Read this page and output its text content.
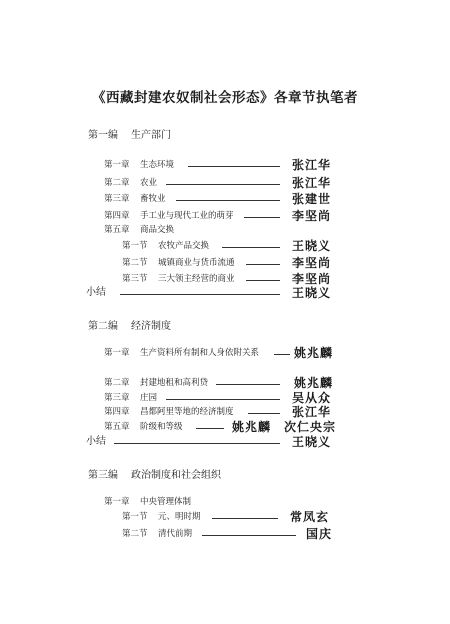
《西藏封建农奴制社会形态》各章节执笔者
第一编 生产部门
第一章 生态环境	张江华
第二章 农业	张江华
第三章 畜牧业	张建世
第四章 手工业与现代工业的萌芽	李坚尚
第五章 商品交换
第一节 农牧产品交换	王晓义
第二节 城镇商业与货币流通	李坚尚
第三节 三大领主经营的商业	李坚尚
小结	王晓义
第二编 经济制度
第一章 生产资料所有制和人身依附关系	姚兆麟
第二章 封建地租和高利贷	姚兆麟
第三章 庄园	吴从众
第四章 昌都阿里等地的经济制度	张江华
第五章 阶级和等级	姚兆麟　次仁央宗
小结	王晓义
第三编 政治制度和社会组织
第一章 中央管理体制
第一节 元、明时期	常凤玄
第二节 清代前期	国庆
